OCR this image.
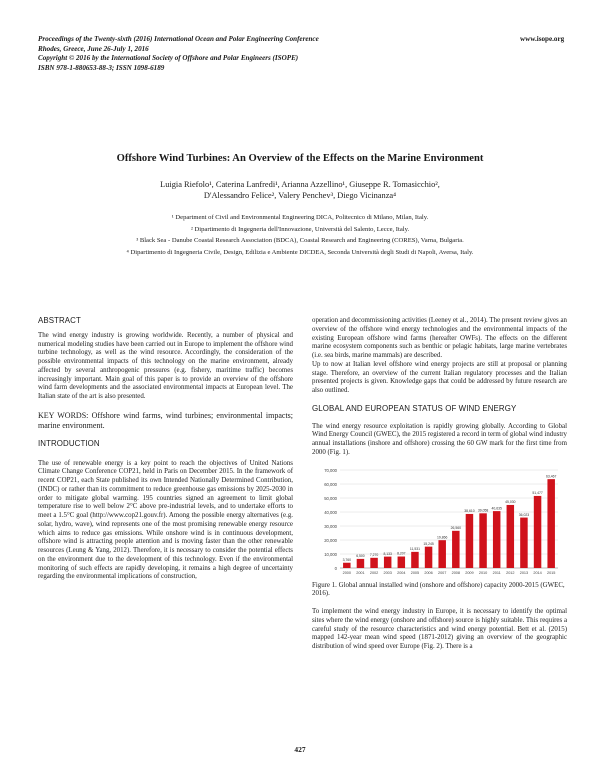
Proceedings of the Twenty-sixth (2016) International Ocean and Polar Engineering Conference
Rhodes, Greece, June 26-July 1, 2016
Copyright © 2016 by the International Society of Offshore and Polar Engineers (ISOPE)
ISBN 978-1-880653-88-3; ISSN 1098-6189
www.isope.org
Offshore Wind Turbines: An Overview of the Effects on the Marine Environment
Luigia Riefolo¹, Caterina Lanfredi¹, Arianna Azzellino¹, Giuseppe R. Tomasicchio²,
D'Alessandro Felice², Valery Penchev³, Diego Vicinanza⁴
¹ Department of Civil and Environmental Engineering DICA, Politecnico di Milano, Milan, Italy.
² Dipartimento di Ingegneria dell'Innovazione, Università del Salento, Lecce, Italy.
³ Black Sea - Danube Coastal Research Association (BDCA), Coastal Research and Engineering (CORES), Varna, Bulgaria.
⁴ Dipartimento di Ingegneria Civile, Design, Edilizia e Ambiente DICDEA, Seconda Università degli Studi di Napoli, Aversa, Italy.
ABSTRACT

The wind energy industry is growing worldwide. Recently, a number of physical and numerical modeling studies have been carried out in Europe to implement the offshore wind turbine technology, as well as the wind resource. Accordingly, the consideration of the possible environmental impacts of this technology on the marine environment, already affected by several anthropogenic pressures (e.g. fishery, maritime traffic) becomes increasingly important. Main goal of this paper is to provide an overview of the offshore wind farm developments and the associated environmental impacts at European level. The Italian state of the art is also presented.

KEY WORDS: Offshore wind farms, wind turbines; environmental impacts; marine environment.

INTRODUCTION

The use of renewable energy is a key point to reach the objectives of United Nations Climate Change Conference COP21, held in Paris on December 2015. In the framework of recent COP21, each State published its own Intended Nationally Determined Contribution, (INDC) or rather than its commitment to reduce greenhouse gas emissions by 2025-2030 in order to mitigate global warming. 195 countries signed an agreement to limit global temperature rise to well below 2°C above pre-industrial levels, and to undertake efforts to meet a 1.5°C goal (http://www.cop21.gouv.fr). Among the possible energy alternatives (e.g. solar, hydro, wave), wind represents one of the most promising renewable energy resource which aims to reduce gas emissions. While onshore wind is in continuous development, offshore wind is attracting people attention and is moving faster than the other renewable resources (Leung & Yang, 2012). Therefore, it is necessary to consider the potential effects on the environment due to the development of this technology. Even if the environmental monitoring of such effects are rapidly developing, it remains a high degree of uncertainty regarding the environmental implications of construction,

operation and decommissioning activities (Leeney et al., 2014). The present review gives an overview of the offshore wind energy technologies and the environmental impacts of the existing European offshore wind farms (hereafter OWFs). The effects on the different marine ecosystem components such as benthic or pelagic habitats, large marine vertebrates (i.e. sea birds, marine mammals) are described.

Up to now at Italian level offshore wind energy projects are still at proposal or planning stage. Therefore, an overview of the current Italian regulatory processes and the Italian presented projects is given. Knowledge gaps that could be addressed by future research are also outlined.

GLOBAL AND EUROPEAN STATUS OF WIND ENERGY

The wind energy resource exploitation is rapidly growing globally. According to Global Wind Energy Council (GWEC), the 2015 registered a record in term of global wind industry annual installations (inshore and offshore) crossing the 60 GW mark for the first time from 2000 (Fig. 1).

0
10,000
20,000
30,000
40,000
50,000
60,000
70,000
3,760
2000
6,500
2001
7,270
2002
8,133
2003
8,207
2004
11,531
2005
15,245
2006
19,866
2007
26,560
2008
38,610
2009
39,058
2010
40,635
2011
45,030
2012
36,023
2013
51,477
2014
63,467
2015

Figure 1. Global annual installed wind (onshore and offshore) capacity 2000-2015 (GWEC, 2016).

To implement the wind energy industry in Europe, it is necessary to identify the optimal sites where the wind energy (onshore and offshore) source is highly suitable. This requires a careful study of the resource characteristics and wind energy potential. Bett et al. (2015) mapped 142-year mean wind speed (1871-2012) giving an overview of the geographic distribution of wind speed over Europe (Fig. 2). There is a

427
